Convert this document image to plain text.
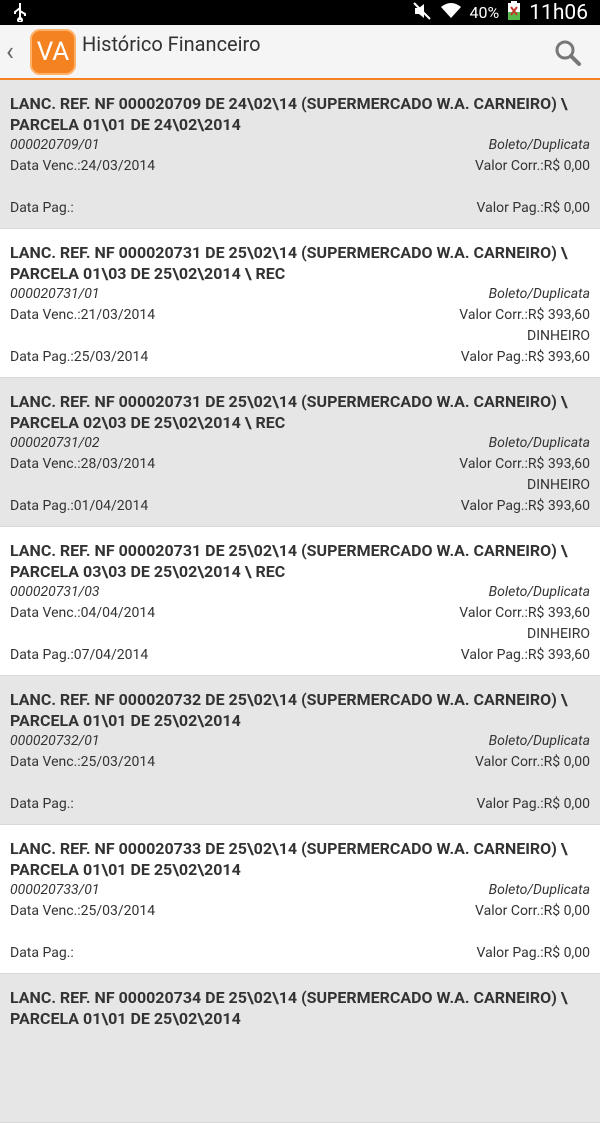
40% 11h06
‹ VA Histórico Financeiro
LANC. REF. NF 000020709 DE 24\02\14 (SUPERMERCADO W.A. CARNEIRO) \ PARCELA 01\01 DE 24\02\2014
000020709/01	Boleto/Duplicata
Data Venc.:24/03/2014	Valor Corr.:R$ 0,00
Data Pag.:	Valor Pag.:R$ 0,00
LANC. REF. NF 000020731 DE 25\02\14 (SUPERMERCADO W.A. CARNEIRO) \ PARCELA 01\03 DE 25\02\2014 \ REC
000020731/01	Boleto/Duplicata
Data Venc.:21/03/2014	Valor Corr.:R$ 393,60
DINHEIRO
Data Pag.:25/03/2014	Valor Pag.:R$ 393,60
LANC. REF. NF 000020731 DE 25\02\14 (SUPERMERCADO W.A. CARNEIRO) \ PARCELA 02\03 DE 25\02\2014 \ REC
000020731/02	Boleto/Duplicata
Data Venc.:28/03/2014	Valor Corr.:R$ 393,60
DINHEIRO
Data Pag.:01/04/2014	Valor Pag.:R$ 393,60
LANC. REF. NF 000020731 DE 25\02\14 (SUPERMERCADO W.A. CARNEIRO) \ PARCELA 03\03 DE 25\02\2014 \ REC
000020731/03	Boleto/Duplicata
Data Venc.:04/04/2014	Valor Corr.:R$ 393,60
DINHEIRO
Data Pag.:07/04/2014	Valor Pag.:R$ 393,60
LANC. REF. NF 000020732 DE 25\02\14 (SUPERMERCADO W.A. CARNEIRO) \ PARCELA 01\01 DE 25\02\2014
000020732/01	Boleto/Duplicata
Data Venc.:25/03/2014	Valor Corr.:R$ 0,00
Data Pag.:	Valor Pag.:R$ 0,00
LANC. REF. NF 000020733 DE 25\02\14 (SUPERMERCADO W.A. CARNEIRO) \ PARCELA 01\01 DE 25\02\2014
000020733/01	Boleto/Duplicata
Data Venc.:25/03/2014	Valor Corr.:R$ 0,00
Data Pag.:	Valor Pag.:R$ 0,00
LANC. REF. NF 000020734 DE 25\02\14 (SUPERMERCADO W.A. CARNEIRO) \ PARCELA 01\01 DE 25\02\2014
